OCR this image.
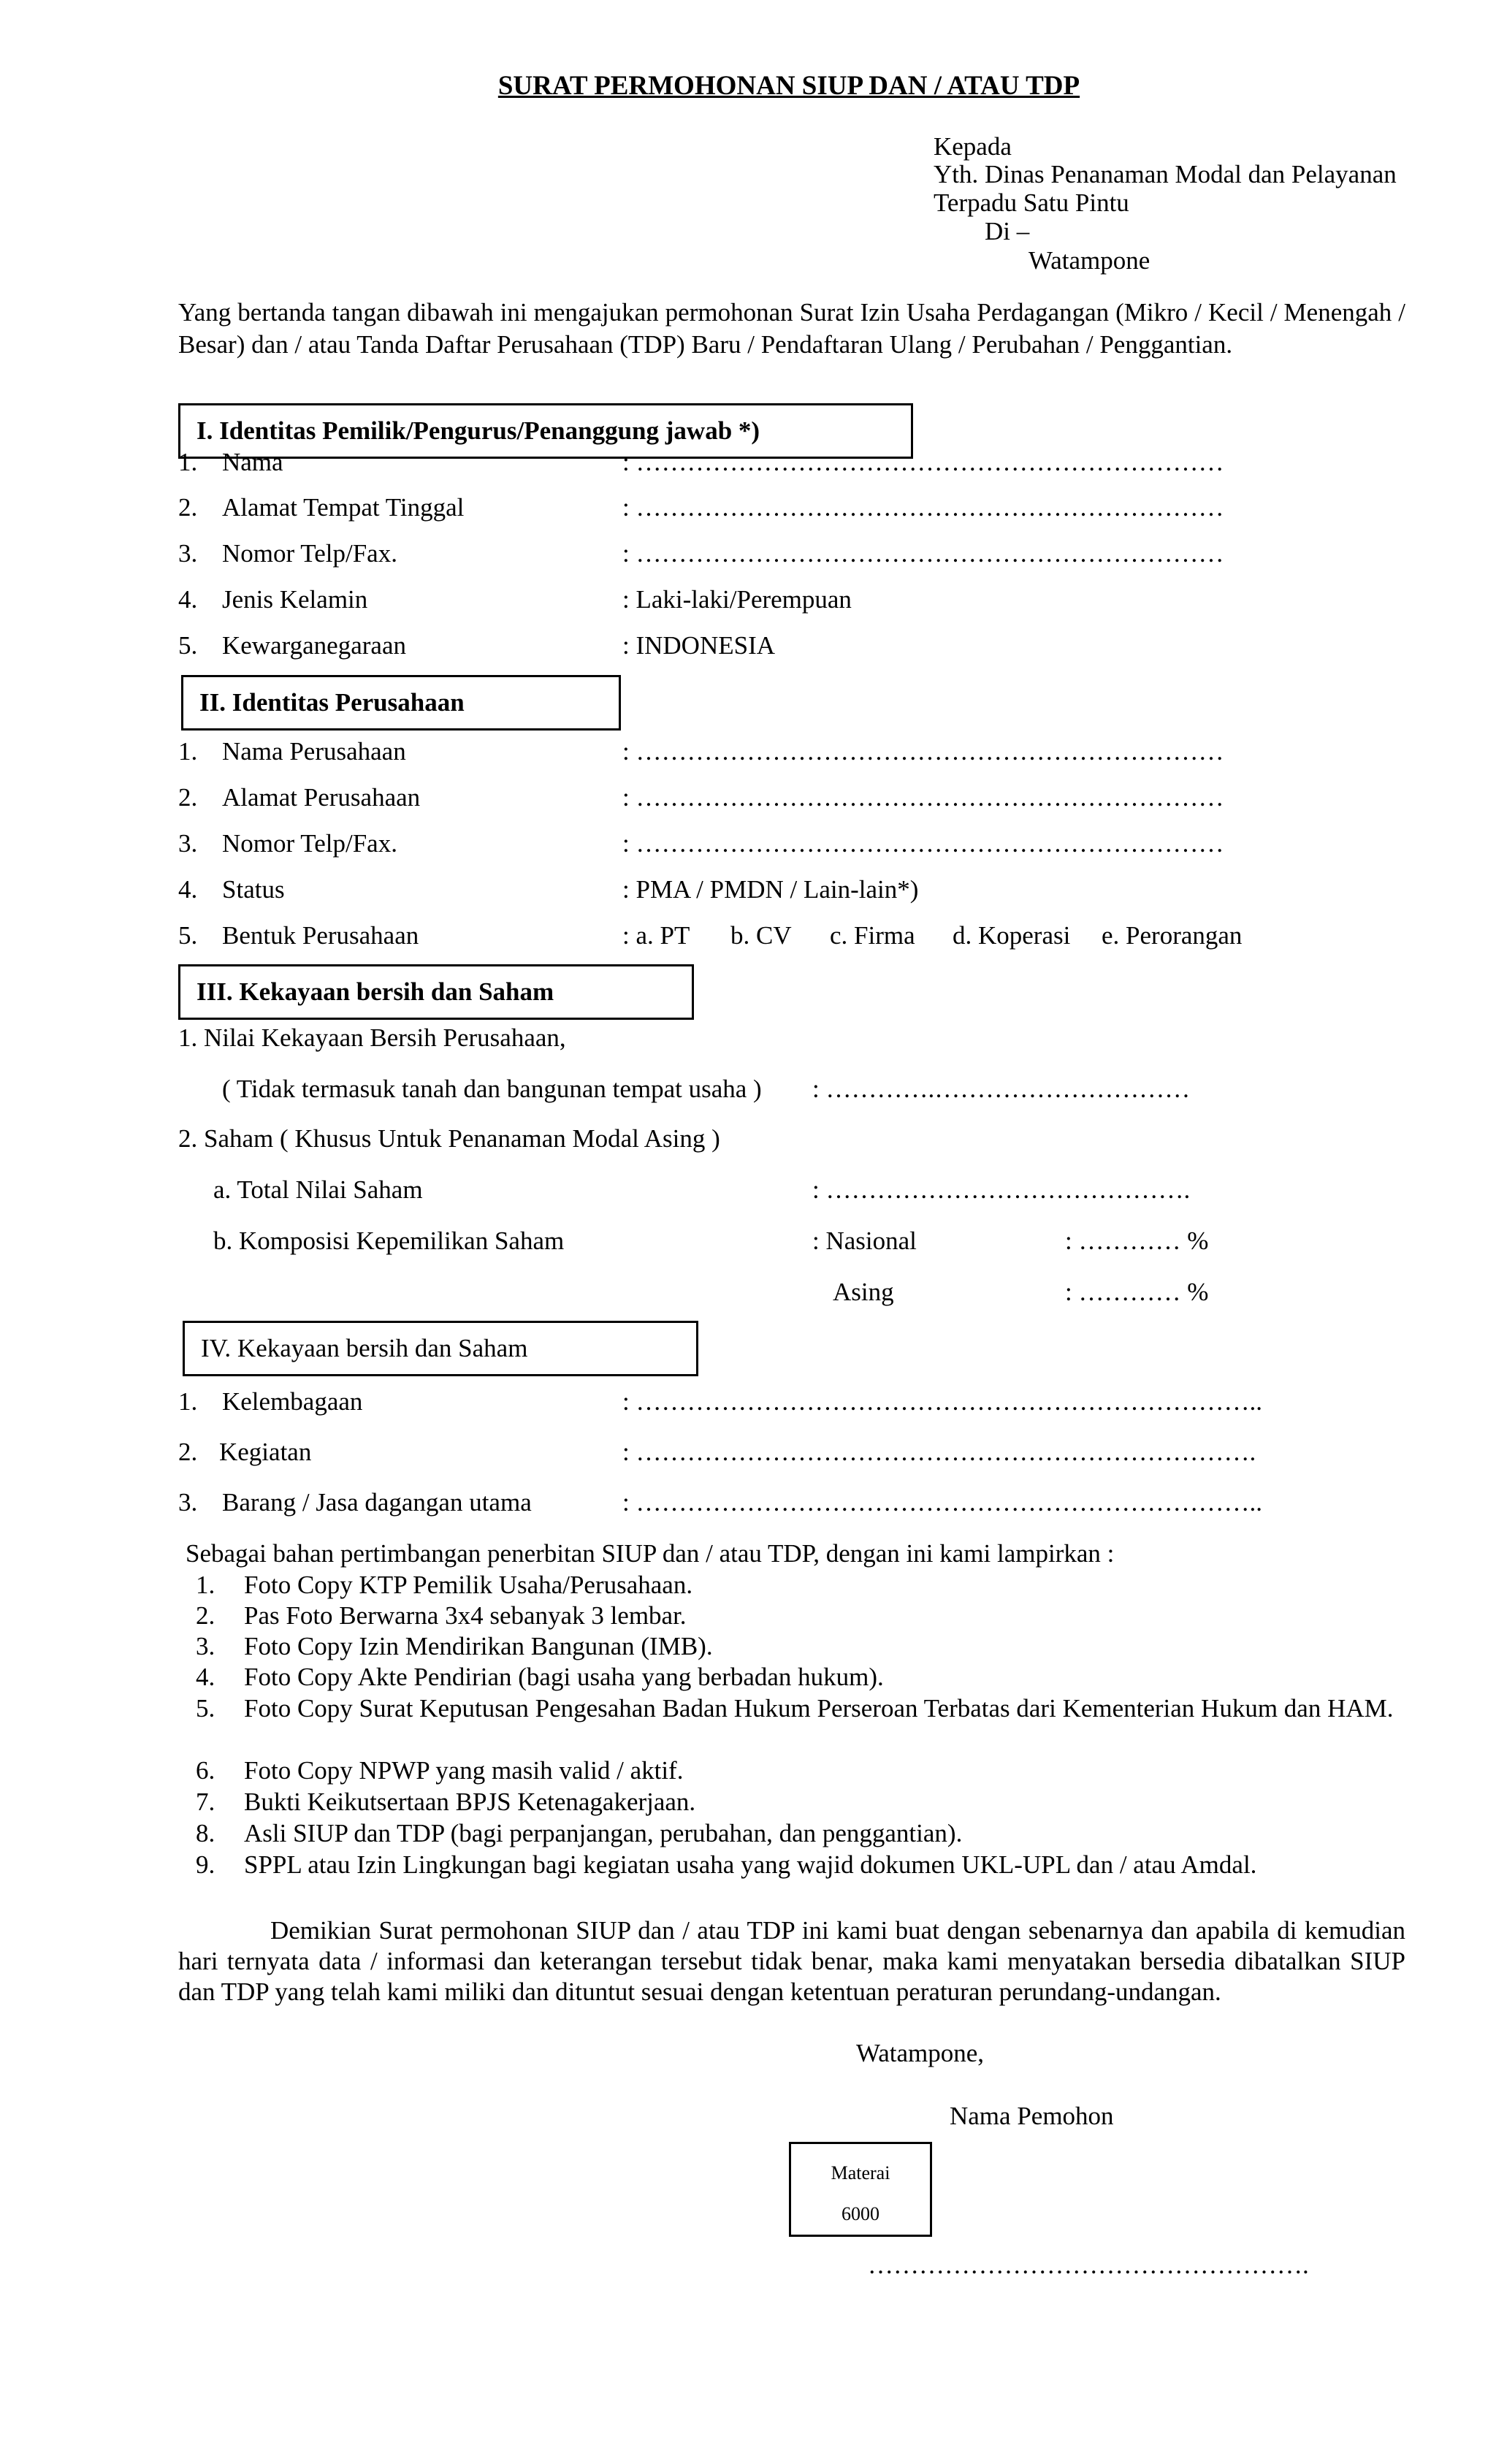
SURAT PERMOHONAN SIUP DAN / ATAU TDP
Kepada
Yth. Dinas Penanaman Modal dan Pelayanan
Terpadu Satu Pintu
Di –
Watampone
Yang bertanda tangan dibawah ini mengajukan permohonan Surat Izin Usaha Perdagangan (Mikro / Kecil / Menengah / Besar) dan / atau Tanda Daftar Perusahaan (TDP) Baru / Pendaftaran Ulang / Perubahan / Penggantian.
I. Identitas Pemilik/Pengurus/Penanggung jawab *)
1. Nama	: ……………………………………………………………
2. Alamat Tempat Tinggal	: ……………………………………………………………
3. Nomor Telp/Fax.	: ……………………………………………………………
4. Jenis Kelamin	: Laki-laki/Perempuan
5. Kewarganegaraan	: INDONESIA
II. Identitas Perusahaan
1. Nama Perusahaan	: ……………………………………………………………
2. Alamat Perusahaan	: ……………………………………………………………
3. Nomor Telp/Fax.	: ……………………………………………………………
4. Status	: PMA / PMDN / Lain-lain*)
5. Bentuk Perusahaan	: a. PT b. CV c. Firma d. Koperasi e. Perorangan
III. Kekayaan bersih dan Saham
1. Nilai Kekayaan Bersih Perusahaan,
( Tidak termasuk tanah dan bangunan tempat usaha ) : ………….…………………………
2. Saham ( Khusus Untuk Penanaman Modal Asing )
a. Total Nilai Saham	: …………………………………….
b. Komposisi Kepemilikan Saham	: Nasional	: ………… %
Asing	: ………… %
IV. Kekayaan bersih dan Saham
1. Kelembagaan	: ………………………………………………………………..
2. Kegiatan	: ……………………………………………………………….
3. Barang / Jasa dagangan utama	: ………………………………………………………………..
Sebagai bahan pertimbangan penerbitan SIUP dan / atau TDP, dengan ini kami lampirkan :
1. Foto Copy KTP Pemilik Usaha/Perusahaan.
2. Pas Foto Berwarna 3x4 sebanyak 3 lembar.
3. Foto Copy Izin Mendirikan Bangunan (IMB).
4. Foto Copy Akte Pendirian (bagi usaha yang berbadan hukum).
5. Foto Copy Surat Keputusan Pengesahan Badan Hukum Perseroan Terbatas dari Kementerian Hukum dan HAM.
6. Foto Copy NPWP yang masih valid / aktif.
7. Bukti Keikutsertaan BPJS Ketenagakerjaan.
8. Asli SIUP dan TDP (bagi perpanjangan, perubahan, dan penggantian).
9. SPPL atau Izin Lingkungan bagi kegiatan usaha yang wajid dokumen UKL-UPL dan / atau Amdal.
Demikian Surat permohonan SIUP dan / atau TDP ini kami buat dengan sebenarnya dan apabila di kemudian hari ternyata data / informasi dan keterangan tersebut tidak benar, maka kami menyatakan bersedia dibatalkan SIUP dan TDP yang telah kami miliki dan dituntut sesuai dengan ketentuan peraturan perundang-undangan.
Watampone,
Nama Pemohon
Materai
6000
…………………………………………….
